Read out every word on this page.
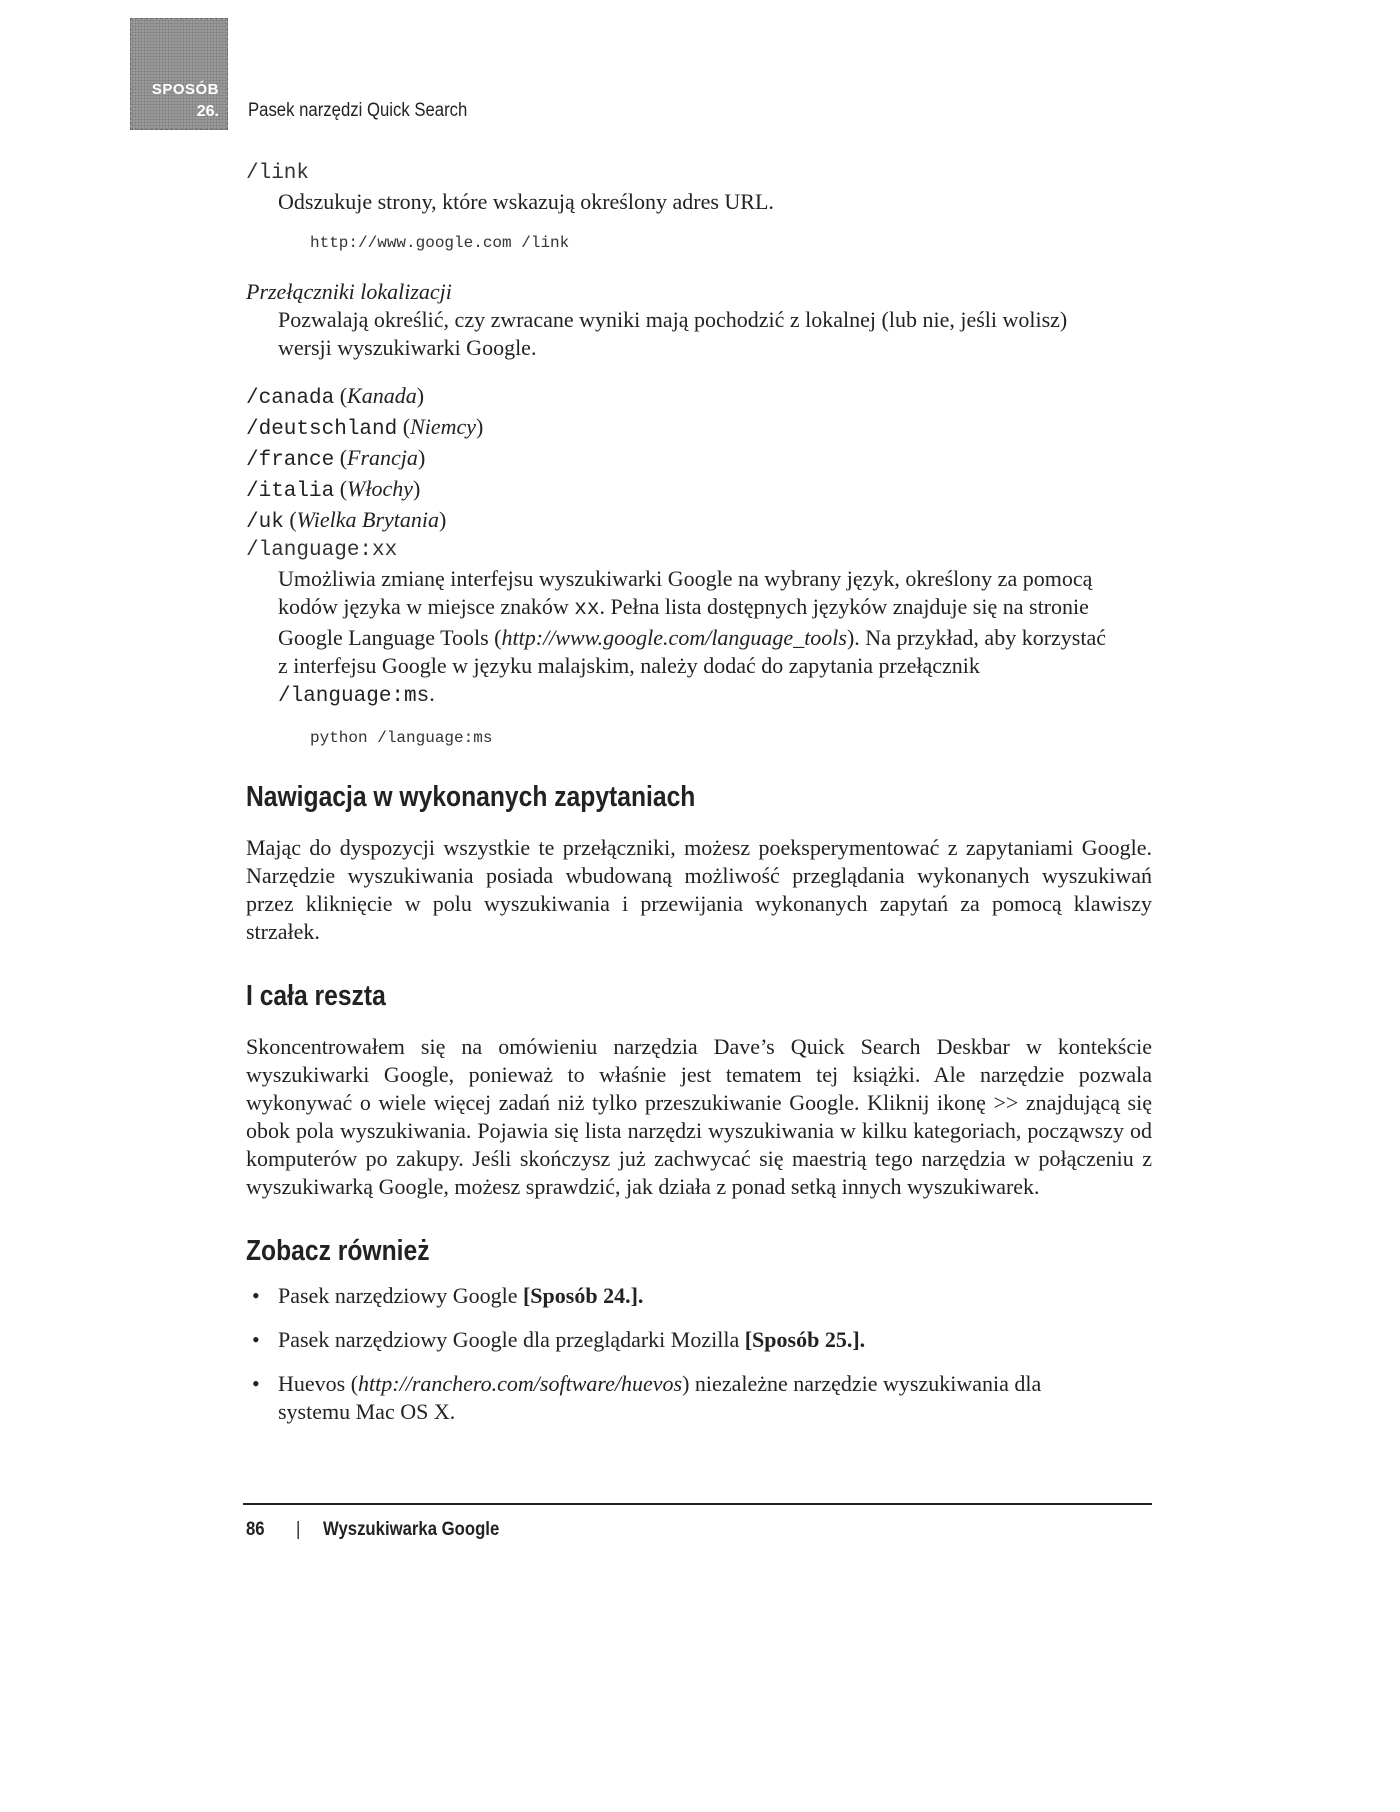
SPOSÓB
26. Pasek narzędzi Quick Search

/link

Odszukuje strony, które wskazują określony adres URL.

http://www.google.com /link

Przełączniki lokalizacji

Pozwalają określić, czy zwracane wyniki mają pochodzić z lokalnej (lub nie, jeśli wolisz) wersji wyszukiwarki Google.

/canada (Kanada)

/deutschland (Niemcy)

/france (Francja)

/italia (Włochy)

/uk (Wielka Brytania)

/language:xx

Umożliwia zmianę interfejsu wyszukiwarki Google na wybrany język, określony za pomocą kodów języka w miejsce znaków xx. Pełna lista dostępnych języków znajduje się na stronie Google Language Tools (http://www.google.com/language_tools). Na przykład, aby korzystać z interfejsu Google w języku malajskim, należy dodać do zapytania przełącznik /language:ms.

python /language:ms
Nawigacja w wykonanych zapytaniach

Mając do dyspozycji wszystkie te przełączniki, możesz poeksperymentować z zapytaniami Google. Narzędzie wyszukiwania posiada wbudowaną możliwość przeglądania wykonanych wyszukiwań przez kliknięcie w polu wyszukiwania i przewijania wykonanych zapytań za pomocą klawiszy strzałek.

I cała reszta

Skoncentrowałem się na omówieniu narzędzia Dave’s Quick Search Deskbar w kontekście wyszukiwarki Google, ponieważ to właśnie jest tematem tej książki. Ale narzędzie pozwala wykonywać o wiele więcej zadań niż tylko przeszukiwanie Google. Kliknij ikonę >> znajdującą się obok pola wyszukiwania. Pojawia się lista narzędzi wyszukiwania w kilku kategoriach, począwszy od komputerów po zakupy. Jeśli skończysz już zachwycać się maestrią tego narzędzia w połączeniu z wyszukiwarką Google, możesz sprawdzić, jak działa z ponad setką innych wyszukiwarek.

Zobacz również
• Pasek narzędziowy Google [Sposób 24.].
• Pasek narzędziowy Google dla przeglądarki Mozilla [Sposób 25.].
• Huevos (http://ranchero.com/software/huevos) niezależne narzędzie wyszukiwania dla systemu Mac OS X.
86 | Wyszukiwarka Google
